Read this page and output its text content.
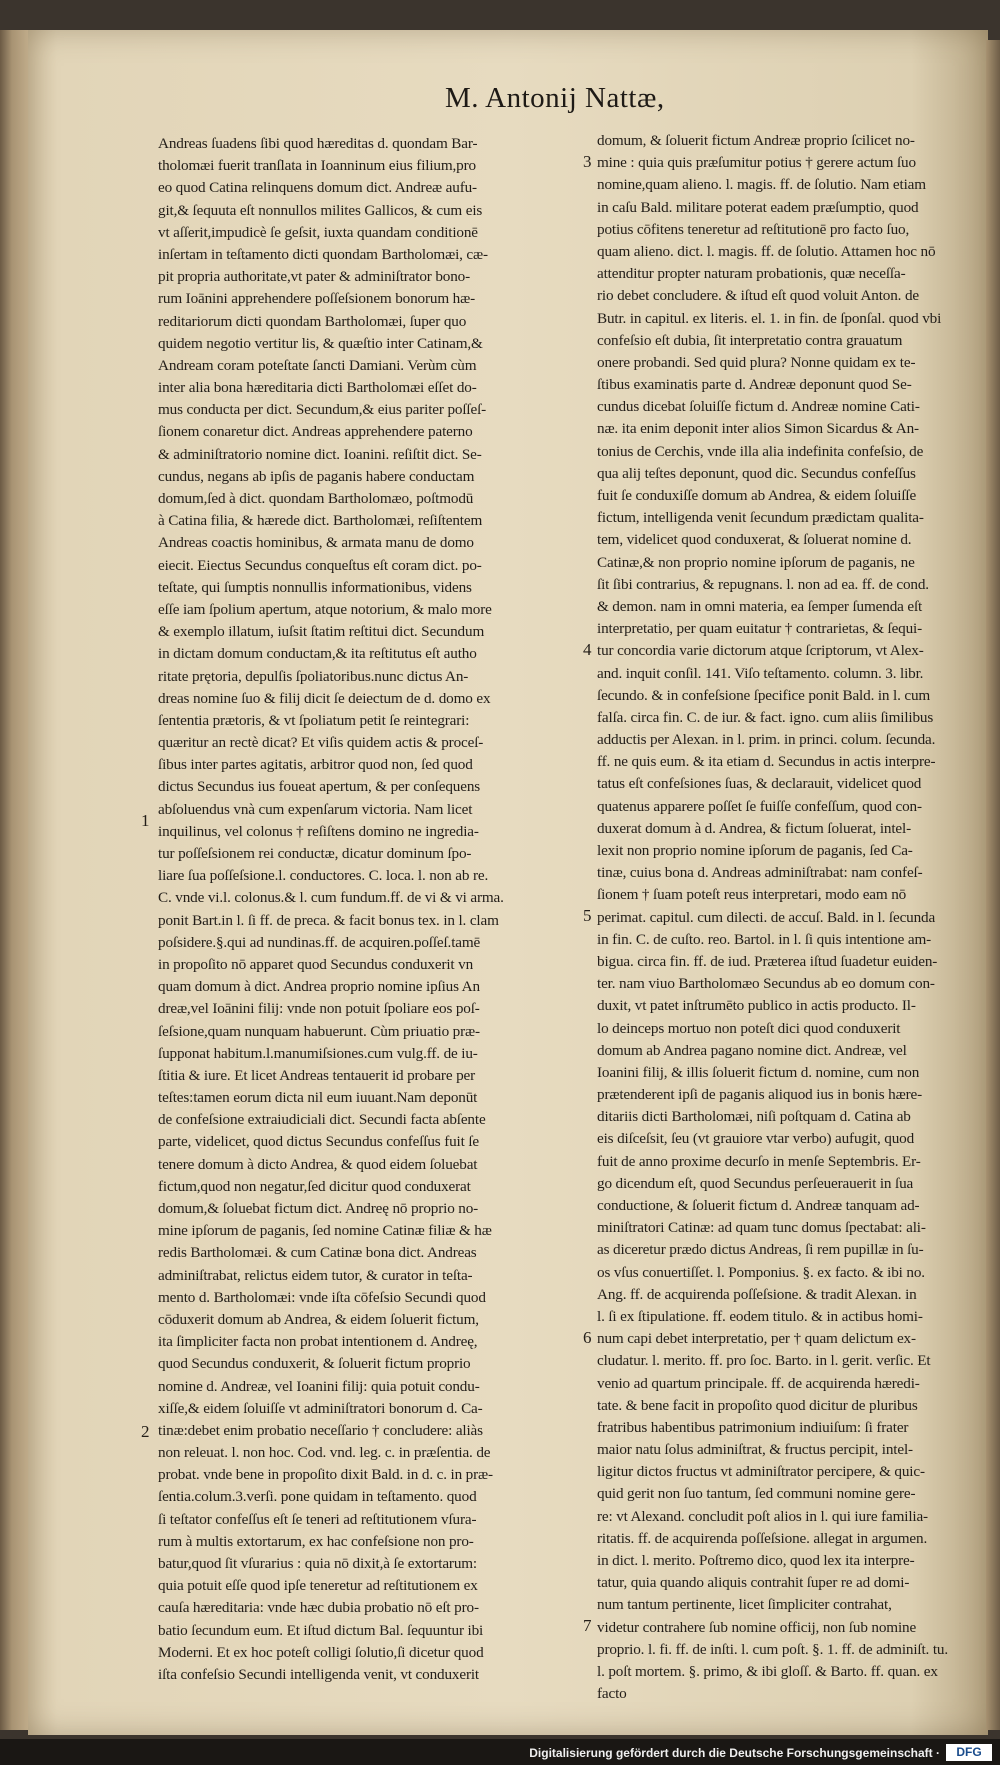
M. Antonij Nattæ,
Andreas ſuadens ſibi quod hæreditas d. quondam Bar-
tholomæi fuerit tranſlata in Ioanninum eius filium,pro
eo quod Catina relinquens domum dict. Andreæ aufu-
git,& ſequuta eſt nonnullos milites Gallicos, & cum eis
vt aſſerit,impudicè ſe geſsit, iuxta quandam conditionē
inſertam in teſtamento dicti quondam Bartholomæi, cæ-
pit propria authoritate,vt pater & adminiſtrator bono-
rum Ioānini apprehendere poſſeſsionem bonorum hæ-
reditariorum dicti quondam Bartholomæi, ſuper quo
quidem negotio vertitur lis, & quæſtio inter Catinam,&
Andream coram poteſtate ſancti Damiani. Verùm cùm
inter alia bona hæreditaria dicti Bartholomæi eſſet do-
mus conducta per dict. Secundum,& eius pariter poſſeſ-
ſionem conaretur dict. Andreas apprehendere paterno
& adminiſtratorio nomine dict. Ioanini. reſiſtit dict. Se-
cundus, negans ab ipſis de paganis habere conductam
domum,ſed à dict. quondam Bartholomæo, poſtmodū
à Catina filia, & hærede dict. Bartholomæi, reſiſtentem
Andreas coactis hominibus, & armata manu de domo
eiecit. Eiectus Secundus conqueſtus eſt coram dict. po-
teſtate, qui ſumptis nonnullis informationibus, videns
eſſe iam ſpolium apertum, atque notorium, & malo more
& exemplo illatum, iuſsit ſtatim reſtitui dict. Secundum
in dictam domum conductam,& ita reſtitutus eſt autho
ritate prętoria, depulſis ſpoliatoribus.nunc dictus An-
dreas nomine ſuo & filij dicit ſe deiectum de d. domo ex
ſententia prætoris, & vt ſpoliatum petit ſe reintegrari:
quæritur an rectè dicat? Et viſis quidem actis & proceſ-
ſibus inter partes agitatis, arbitror quod non, ſed quod
dictus Secundus ius foueat apertum, & per conſequens
abſoluendus vnà cum expenſarum victoria. Nam licet
inquilinus, vel colonus † reſiſtens domino ne ingredia-
tur poſſeſsionem rei conductæ, dicatur dominum ſpo-
liare ſua poſſeſsione.l. conductores. C. loca. l. non ab re.
C. vnde vi.l. colonus.& l. cum fundum.ff. de vi & vi arma.
ponit Bart.in l. ſi ff. de preca. & facit bonus tex. in l. clam
poſsidere.§.qui ad nundinas.ff. de acquiren.poſſeſ.tamē
in propoſito nō apparet quod Secundus conduxerit vn
quam domum à dict. Andrea proprio nomine ipſius An
dreæ,vel Ioānini filij: vnde non potuit ſpoliare eos poſ-
ſeſsione,quam nunquam habuerunt. Cùm priuatio præ-
ſupponat habitum.l.manumiſsiones.cum vulg.ff. de iu-
ſtitia & iure. Et licet Andreas tentauerit id probare per
teſtes:tamen eorum dicta nil eum iuuant.Nam deponūt
de confeſsione extraiudiciali dict. Secundi facta abſente
parte, videlicet, quod dictus Secundus confeſſus fuit ſe
tenere domum à dicto Andrea, & quod eidem ſoluebat
fictum,quod non negatur,ſed dicitur quod conduxerat
domum,& ſoluebat fictum dict. Andreę nō proprio no-
mine ipſorum de paganis, ſed nomine Catinæ filiæ & hæ
redis Bartholomæi. & cum Catinæ bona dict. Andreas
adminiſtrabat, relictus eidem tutor, & curator in teſta-
mento d. Bartholomæi: vnde iſta cōfeſsio Secundi quod
cōduxerit domum ab Andrea, & eidem ſoluerit fictum,
ita ſimpliciter facta non probat intentionem d. Andreę,
quod Secundus conduxerit, & ſoluerit fictum proprio
nomine d. Andreæ, vel Ioanini filij: quia potuit condu-
xiſſe,& eidem ſoluiſſe vt adminiſtratori bonorum d. Ca-
tinæ:debet enim probatio neceſſario † concludere: aliàs
non releuat. l. non hoc. Cod. vnd. leg. c. in præſentia. de
probat. vnde bene in propoſito dixit Bald. in d. c. in præ-
ſentia.colum.3.verſi. pone quidam in teſtamento. quod
ſi teſtator confeſſus eſt ſe teneri ad reſtitutionem vſura-
rum à multis extortarum, ex hac confeſsione non pro-
batur,quod ſit vſurarius : quia nō dixit,à ſe extortarum:
quia potuit eſſe quod ipſe teneretur ad reſtitutionem ex
cauſa hæreditaria: vnde hæc dubia probatio nō eſt pro-
batio ſecundum eum. Et iſtud dictum Bal. ſequuntur ibi
Moderni. Et ex hoc poteſt colligi ſolutio,ſi dicetur quod
iſta confeſsio Secundi intelligenda venit, vt conduxerit
domum, & ſoluerit fictum Andreæ proprio ſcilicet no-
mine : quia quis præſumitur potius † gerere actum ſuo
nomine,quam alieno. l. magis. ff. de ſolutio. Nam etiam
in caſu Bald. militare poterat eadem præſumptio, quod
potius cōfitens teneretur ad reſtitutionē pro facto ſuo,
quam alieno. dict. l. magis. ff. de ſolutio. Attamen hoc nō
attenditur propter naturam probationis, quæ neceſſa-
rio debet concludere. & iſtud eſt quod voluit Anton. de
Butr. in capitul. ex literis. el. 1. in fin. de ſponſal. quod vbi
confeſsio eſt dubia, ſit interpretatio contra grauatum
onere probandi. Sed quid plura? Nonne quidam ex te-
ſtibus examinatis parte d. Andreæ deponunt quod Se-
cundus dicebat ſoluiſſe fictum d. Andreæ nomine Cati-
næ. ita enim deponit inter alios Simon Sicardus & An-
tonius de Cerchis, vnde illa alia indefinita confeſsio, de
qua alij teſtes deponunt, quod dic. Secundus confeſſus
fuit ſe conduxiſſe domum ab Andrea, & eidem ſoluiſſe
fictum, intelligenda venit ſecundum prædictam qualita-
tem, videlicet quod conduxerat, & ſoluerat nomine d.
Catinæ,& non proprio nomine ipſorum de paganis, ne
ſit ſibi contrarius, & repugnans. l. non ad ea. ff. de cond.
& demon. nam in omni materia, ea ſemper ſumenda eſt
interpretatio, per quam euitatur † contrarietas, & ſequi-
tur concordia varie dictorum atque ſcriptorum, vt Alex-
and. inquit conſil. 141. Viſo teſtamento. column. 3. libr.
ſecundo. & in confeſsione ſpecifice ponit Bald. in l. cum
falſa. circa fin. C. de iur. & fact. igno. cum aliis ſimilibus
adductis per Alexan. in l. prim. in princi. colum. ſecunda.
ff. ne quis eum. & ita etiam d. Secundus in actis interpre-
tatus eſt confeſsiones ſuas, & declarauit, videlicet quod
quatenus apparere poſſet ſe fuiſſe confeſſum, quod con-
duxerat domum à d. Andrea, & fictum ſoluerat, intel-
lexit non proprio nomine ipſorum de paganis, ſed Ca-
tinæ, cuius bona d. Andreas adminiſtrabat: nam confeſ-
ſionem † ſuam poteſt reus interpretari, modo eam nō
perimat. capitul. cum dilecti. de accuſ. Bald. in l. ſecunda
in fin. C. de cuſto. reo. Bartol. in l. ſi quis intentione am-
bigua. circa fin. ff. de iud. Præterea iſtud ſuadetur euiden-
ter. nam viuo Bartholomæo Secundus ab eo domum con-
duxit, vt patet inſtrumēto publico in actis producto. Il-
lo deinceps mortuo non poteſt dici quod conduxerit
domum ab Andrea pagano nomine dict. Andreæ, vel
Ioanini filij, & illis ſoluerit fictum d. nomine, cum non
prætenderent ipſi de paganis aliquod ius in bonis hære-
ditariis dicti Bartholomæi, niſi poſtquam d. Catina ab
eis diſceſsit, ſeu (vt grauiore vtar verbo) aufugit, quod
fuit de anno proxime decurſo in menſe Septembris. Er-
go dicendum eſt, quod Secundus perſeuerauerit in ſua
conductione, & ſoluerit fictum d. Andreæ tanquam ad-
miniſtratori Catinæ: ad quam tunc domus ſpectabat: ali-
as diceretur prædo dictus Andreas, ſi rem pupillæ in ſu-
os vſus conuertiſſet. l. Pomponius. §. ex facto. & ibi no.
Ang. ff. de acquirenda poſſeſsione. & tradit Alexan. in
l. ſi ex ſtipulatione. ff. eodem titulo. & in actibus homi-
num capi debet interpretatio, per † quam delictum ex-
cludatur. l. merito. ff. pro ſoc. Barto. in l. gerit. verſic. Et
venio ad quartum principale. ff. de acquirenda hæredi-
tate. & bene facit in propoſito quod dicitur de pluribus
fratribus habentibus patrimonium indiuiſum: ſi frater
maior natu ſolus adminiſtrat, & fructus percipit, intel-
ligitur dictos fructus vt adminiſtrator percipere, & quic-
quid gerit non ſuo tantum, ſed communi nomine gere-
re: vt Alexand. concludit poſt alios in l. qui iure familia-
ritatis. ff. de acquirenda poſſeſsione. allegat in argumen.
in dict. l. merito. Poſtremo dico, quod lex ita interpre-
tatur, quia quando aliquis contrahit ſuper re ad domi-
num tantum pertinente, licet ſimpliciter contrahat,
videtur contrahere ſub nomine officij, non ſub nomine
proprio. l. fi. ff. de inſti. l. cum poſt. §. 1. ff. de adminiſt. tu.
l. poſt mortem. §. primo, & ibi gloſſ. & Barto. ff. quan. ex
facto
1
2
3
4
5
6
7
Digitalisierung gefördert durch die Deutsche Forschungsgemeinschaft ·	DFG
